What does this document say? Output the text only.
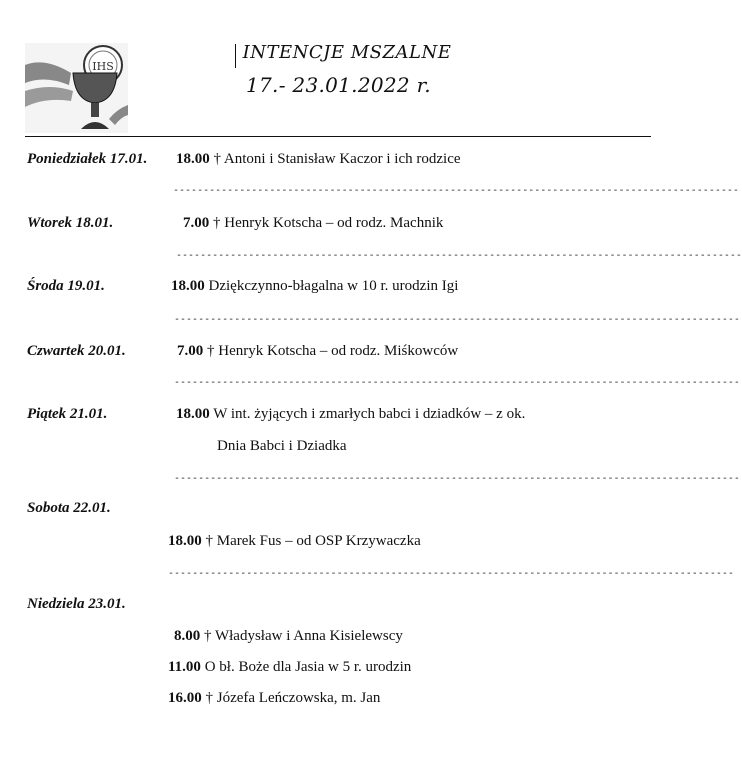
IHS
INTENCJE MSZALNE
17.- 23.01.2022 r.
Poniedziałek 17.01. 18.00 † Antoni i Stanisław Kaczor i ich rodzice
----------------------------------------------------------------------------------------------
Wtorek 18.01.	7.00 † Henryk Kotscha – od rodz. Machnik
----------------------------------------------------------------------------------------------
Środa 19.01.	18.00 Dziękczynno-błagalna w 10 r. urodzin Igi
----------------------------------------------------------------------------------------------
Czwartek 20.01.	7.00 † Henryk Kotscha – od rodz. Miśkowców
----------------------------------------------------------------------------------------------
Piątek 21.01.	18.00 W int. żyjących i zmarłych babci i dziadków – z ok.
Dnia Babci i Dziadka
----------------------------------------------------------------------------------------------
Sobota 22.01.
18.00 † Marek Fus – od OSP Krzywaczka
----------------------------------------------------------------------------------------------
Niedziela 23.01.
8.00 † Władysław i Anna Kisielewscy
11.00 O bł. Boże dla Jasia w 5 r. urodzin
16.00 † Józefa Leńczowska, m. Jan
